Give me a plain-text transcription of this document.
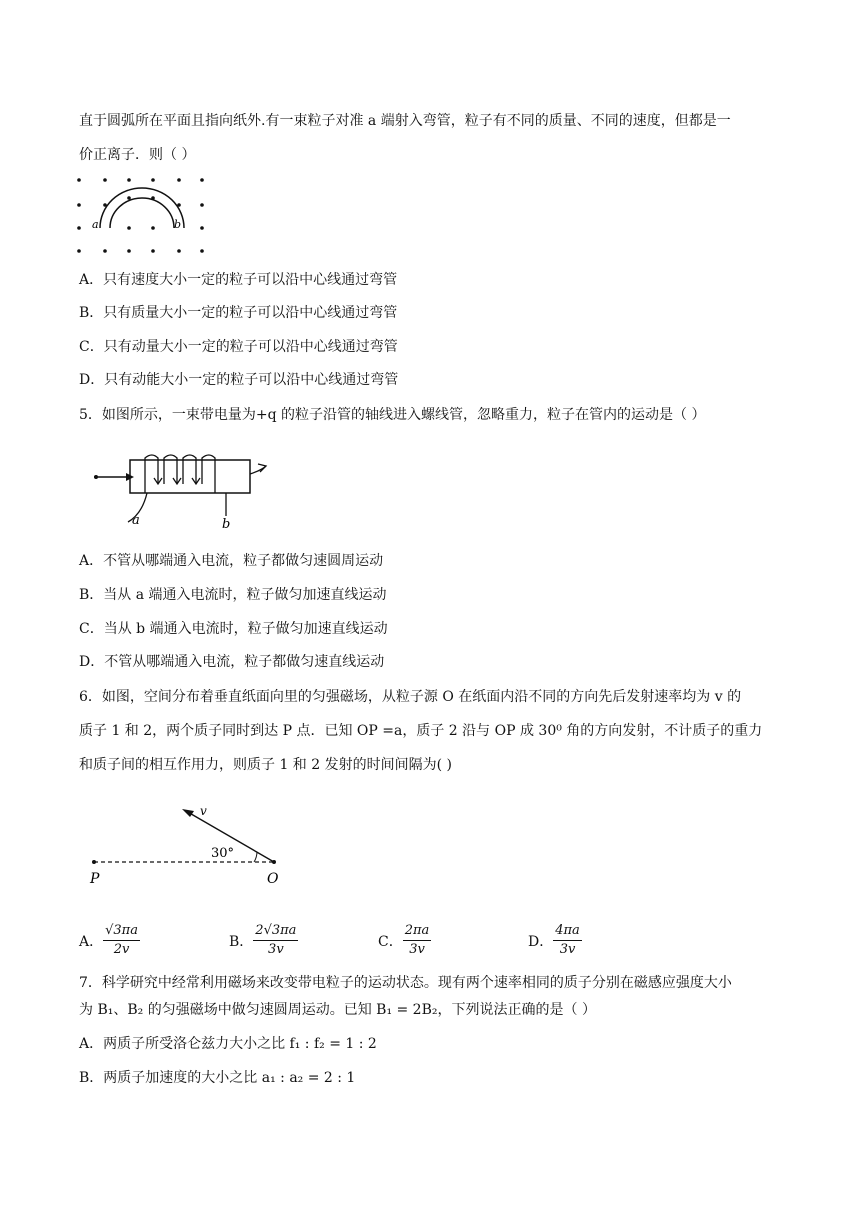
直于圆弧所在平面且指向纸外.有一束粒子对准 a 端射入弯管，粒子有不同的质量、不同的速度，但都是一
价正离子．则（ ）
a	b
A．只有速度大小一定的粒子可以沿中心线通过弯管
B．只有质量大小一定的粒子可以沿中心线通过弯管
C．只有动量大小一定的粒子可以沿中心线通过弯管
D．只有动能大小一定的粒子可以沿中心线通过弯管
5．如图所示，一束带电量为+q 的粒子沿管的轴线进入螺线管，忽略重力，粒子在管内的运动是（ ）
a	b
A．不管从哪端通入电流，粒子都做匀速圆周运动
B．当从 a 端通入电流时，粒子做匀加速直线运动
C．当从 b 端通入电流时，粒子做匀加速直线运动
D．不管从哪端通入电流，粒子都做匀速直线运动
6．如图，空间分布着垂直纸面向里的匀强磁场，从粒子源 O 在纸面内沿不同的方向先后发射速率均为 v 的
质子 1 和 2，两个质子同时到达 P 点．已知 OP =a，质子 2 沿与 OP 成 30⁰ 角的方向发射，不计质子的重力
和质子间的相互作用力，则质子 1 和 2 发射的时间间隔为( )
v
30°
P	O
A． $\frac{√3\pi a}{2v}$	B． $\frac{2√3\pi a}{3v}$	C． $\frac{2\pi a}{3v}$	D． $\frac{4\pi a}{3v}$
7．科学研究中经常利用磁场来改变带电粒子的运动状态。现有两个速率相同的质子分别在磁感应强度大小
为 B₁、B₂ 的匀强磁场中做匀速圆周运动。已知 B₁ = 2B₂，下列说法正确的是（ ）
A．两质子所受洛仑兹力大小之比 f₁ : f₂ = 1 : 2
B．两质子加速度的大小之比 a₁ : a₂ = 2 : 1
